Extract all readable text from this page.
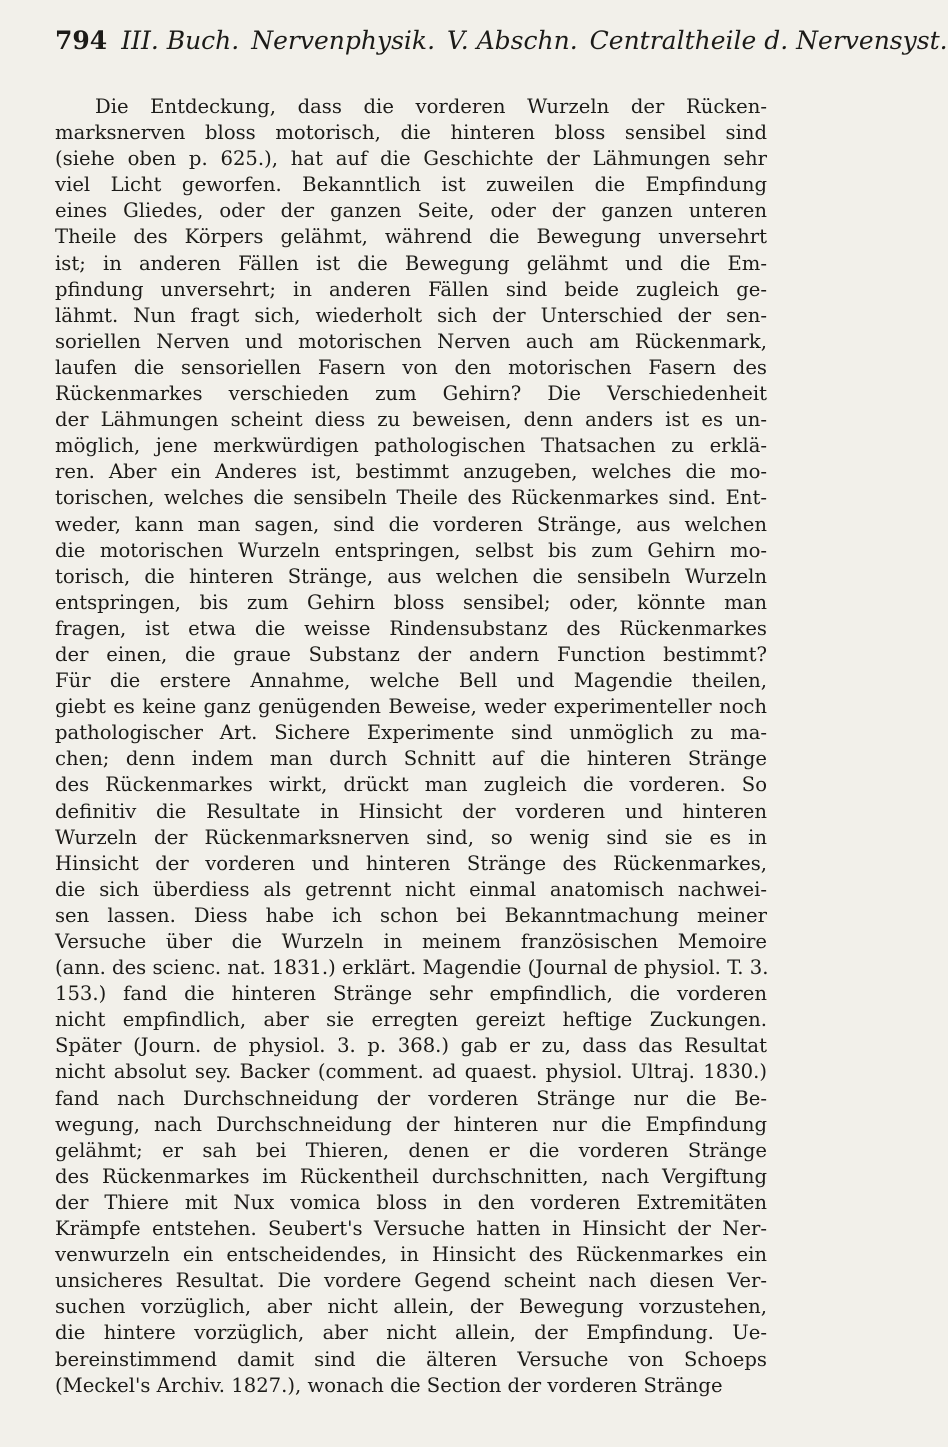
794 III. Buch. Nervenphysik. V. Abschn. Centraltheile d. Nervensyst.
Die Entdeckung, dass die vorderen Wurzeln der Rücken-
marksnerven bloss motorisch, die hinteren bloss sensibel sind
(siehe oben p. 625.), hat auf die Geschichte der Lähmungen sehr
viel Licht geworfen. Bekanntlich ist zuweilen die Empfindung
eines Gliedes, oder der ganzen Seite, oder der ganzen unteren
Theile des Körpers gelähmt, während die Bewegung unversehrt
ist; in anderen Fällen ist die Bewegung gelähmt und die Em-
pfindung unversehrt; in anderen Fällen sind beide zugleich ge-
lähmt. Nun fragt sich, wiederholt sich der Unterschied der sen-
soriellen Nerven und motorischen Nerven auch am Rückenmark,
laufen die sensoriellen Fasern von den motorischen Fasern des
Rückenmarkes verschieden zum Gehirn? Die Verschiedenheit
der Lähmungen scheint diess zu beweisen, denn anders ist es un-
möglich, jene merkwürdigen pathologischen Thatsachen zu erklä-
ren. Aber ein Anderes ist, bestimmt anzugeben, welches die mo-
torischen, welches die sensibeln Theile des Rückenmarkes sind. Ent-
weder, kann man sagen, sind die vorderen Stränge, aus welchen
die motorischen Wurzeln entspringen, selbst bis zum Gehirn mo-
torisch, die hinteren Stränge, aus welchen die sensibeln Wurzeln
entspringen, bis zum Gehirn bloss sensibel; oder, könnte man
fragen, ist etwa die weisse Rindensubstanz des Rückenmarkes
der einen, die graue Substanz der andern Function bestimmt?
Für die erstere Annahme, welche Bell und Magendie theilen,
giebt es keine ganz genügenden Beweise, weder experimenteller noch
pathologischer Art. Sichere Experimente sind unmöglich zu ma-
chen; denn indem man durch Schnitt auf die hinteren Stränge
des Rückenmarkes wirkt, drückt man zugleich die vorderen. So
definitiv die Resultate in Hinsicht der vorderen und hinteren
Wurzeln der Rückenmarksnerven sind, so wenig sind sie es in
Hinsicht der vorderen und hinteren Stränge des Rückenmarkes,
die sich überdiess als getrennt nicht einmal anatomisch nachwei-
sen lassen. Diess habe ich schon bei Bekanntmachung meiner
Versuche über die Wurzeln in meinem französischen Memoire
(ann. des scienc. nat. 1831.) erklärt. Magendie (Journal de physiol. T. 3.
153.) fand die hinteren Stränge sehr empfindlich, die vorderen
nicht empfindlich, aber sie erregten gereizt heftige Zuckungen.
Später (Journ. de physiol. 3. p. 368.) gab er zu, dass das Resultat
nicht absolut sey. Backer (comment. ad quaest. physiol. Ultraj. 1830.)
fand nach Durchschneidung der vorderen Stränge nur die Be-
wegung, nach Durchschneidung der hinteren nur die Empfindung
gelähmt; er sah bei Thieren, denen er die vorderen Stränge
des Rückenmarkes im Rückentheil durchschnitten, nach Vergiftung
der Thiere mit Nux vomica bloss in den vorderen Extremitäten
Krämpfe entstehen. Seubert's Versuche hatten in Hinsicht der Ner-
venwurzeln ein entscheidendes, in Hinsicht des Rückenmarkes ein
unsicheres Resultat. Die vordere Gegend scheint nach diesen Ver-
suchen vorzüglich, aber nicht allein, der Bewegung vorzustehen,
die hintere vorzüglich, aber nicht allein, der Empfindung. Ue-
bereinstimmend damit sind die älteren Versuche von Schoeps
(Meckel's Archiv. 1827.), wonach die Section der vorderen Stränge
